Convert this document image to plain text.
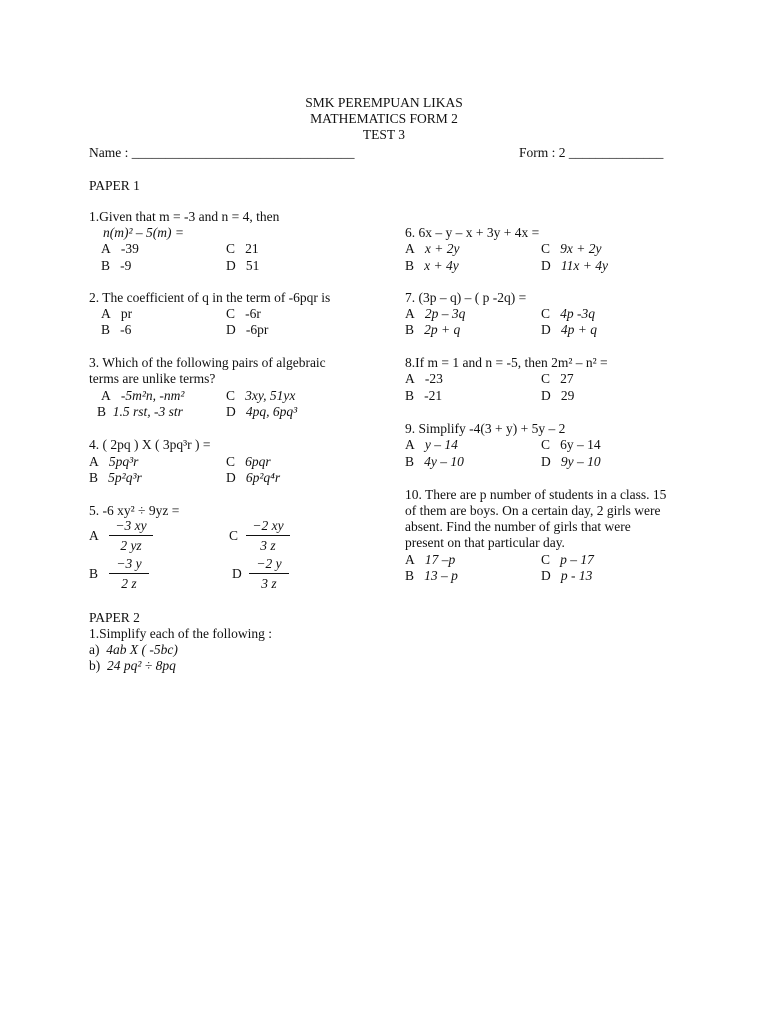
SMK PEREMPUAN LIKAS
MATHEMATICS FORM 2
TEST 3
Name : _________________________________	Form : 2 ______________
PAPER 1
1.Given that m = -3 and n = 4, then
n(m)² – 5(m) =
A -39	C 21
B -9	D 51
2. The coefficient of q in the term of -6pqr is
A pr	C -6r
B -6	D -6pr
3. Which of the following pairs of algebraic
terms are unlike terms?
A -5m²n, -nm²	C 3xy, 51yx
B 1.5 rst, -3 str	D 4pq, 6pq³
4. ( 2pq ) X ( 3pq³r ) =
A 5pq³r	C 6pqr
B 5p²q³r	D 6p²q⁴r
5. -6 xy² ÷ 9yz =
A $\frac{-3 xy}{2 yz}$	C $\frac{-2 xy}{3 z}$
B $\frac{-3 y}{2 z}$	D $\frac{-2 y}{3 z}$
PAPER 2
1.Simplify each of the following :
a) 4ab X ( -5bc)
b) 24 pq² ÷ 8pq
6. 6x – y – x + 3y + 4x =
A x + 2y	C 9x + 2y
B x + 4y	D 11x + 4y
7. (3p – q) – ( p -2q) =
A 2p – 3q	C 4p -3q
B 2p + q	D 4p + q
8.If m = 1 and n = -5, then 2m² – n² =
A -23	C 27
B -21	D 29
9. Simplify -4(3 + y) + 5y – 2
A y – 14	C 6y – 14
B 4y – 10	D 9y – 10
10. There are p number of students in a class. 15
of them are boys. On a certain day, 2 girls were
absent. Find the number of girls that were
present on that particular day.
A 17 –p	C p – 17
B 13 – p	D p - 13
